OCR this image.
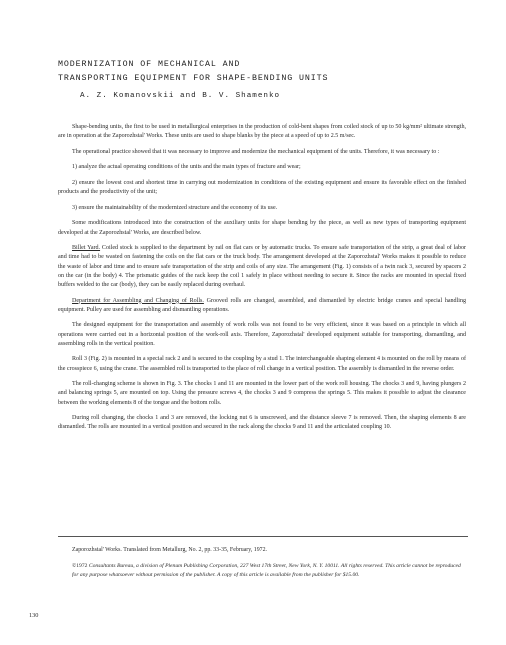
MODERNIZATION OF MECHANICAL AND
TRANSPORTING EQUIPMENT FOR SHAPE-BENDING UNITS
A. Z. Komanovskii and B. V. Shamenko

Shape-bending units, the first to be used in metallurgical enterprises in the production of cold-bent shapes from coiled stock of up to 50 kg/mm² ultimate strength, are in operation at the Zaporozhstal' Works. These units are used to shape blanks by the piece at a speed of up to 2.5 m/sec.

The operational practice showed that it was necessary to improve and modernize the mechanical equipment of the units. Therefore, it was necessary to :

1) analyze the actual operating conditions of the units and the main types of fracture and wear;

2) ensure the lowest cost and shortest time in carrying out modernization in conditions of the existing equipment and ensure its favorable effect on the finished products and the productivity of the unit;

3) ensure the maintainability of the modernized structure and the economy of its use.

Some modifications introduced into the construction of the auxiliary units for shape bending by the piece, as well as new types of transporting equipment developed at the Zaporozhstal' Works, are described below.

Billet Yard. Coiled stock is supplied to the department by rail on flat cars or by automatic trucks. To ensure safe transportation of the strip, a great deal of labor and time had to be wasted on fastening the coils on the flat cars or the truck body. The arrangement developed at the Zaporozhstal' Works makes it possible to reduce the waste of labor and time and to ensure safe transportation of the strip and coils of any size. The arrangement (Fig. 1) consists of a twin rack 3, secured by spacers 2 on the car (in the body) 4. The prismatic guides of the rack keep the coil 1 safely in place without needing to secure it. Since the racks are mounted in special fixed buffers welded to the car (body), they can be easily replaced during overhaul.

Department for Assembling and Changing of Rolls. Grooved rolls are changed, assembled, and dismantled by electric bridge cranes and special handling equipment. Pulley are used for assembling and dismantling operations.

The designed equipment for the transportation and assembly of work rolls was not found to be very efficient, since it was based on a principle in which all operations were carried out in a horizontal position of the work-roll axis. Therefore, Zaporozhstal' developed equipment suitable for transporting, dismantling, and assembling rolls in the vertical position.

Roll 3 (Fig. 2) is mounted in a special rack 2 and is secured to the coupling by a stud 1. The interchangeable shaping element 4 is mounted on the roll by means of the crosspiece 6, using the crane. The assembled roll is transported to the place of roll change in a vertical position. The assembly is dismantled in the reverse order.

The roll-changing scheme is shown in Fig. 3. The chocks 1 and 11 are mounted in the lower part of the work roll housing. The chocks 3 and 9, having plungers 2 and balancing springs 5, are mounted on top. Using the pressure screws 4, the chocks 3 and 9 compress the springs 5. This makes it possible to adjust the clearance between the working elements 8 of the tongue and the bottom rolls.

During roll changing, the chocks 1 and 3 are removed, the locking nut 6 is unscrewed, and the distance sleeve 7 is removed. Then, the shaping elements 8 are dismantled. The rolls are mounted in a vertical position and secured in the rack along the chocks 9 and 11 and the articulated coupling 10.

Zaporozhstal' Works. Translated from Metallurg, No. 2, pp. 33-35, February, 1972.
©1972 Consultants Bureau, a division of Plenum Publishing Corporation, 227 West 17th Street, New York, N. Y. 10011. All rights reserved. This article cannot be reproduced for any purpose whatsoever without permission of the publisher. A copy of this article is available from the publisher for $15.00.
130
